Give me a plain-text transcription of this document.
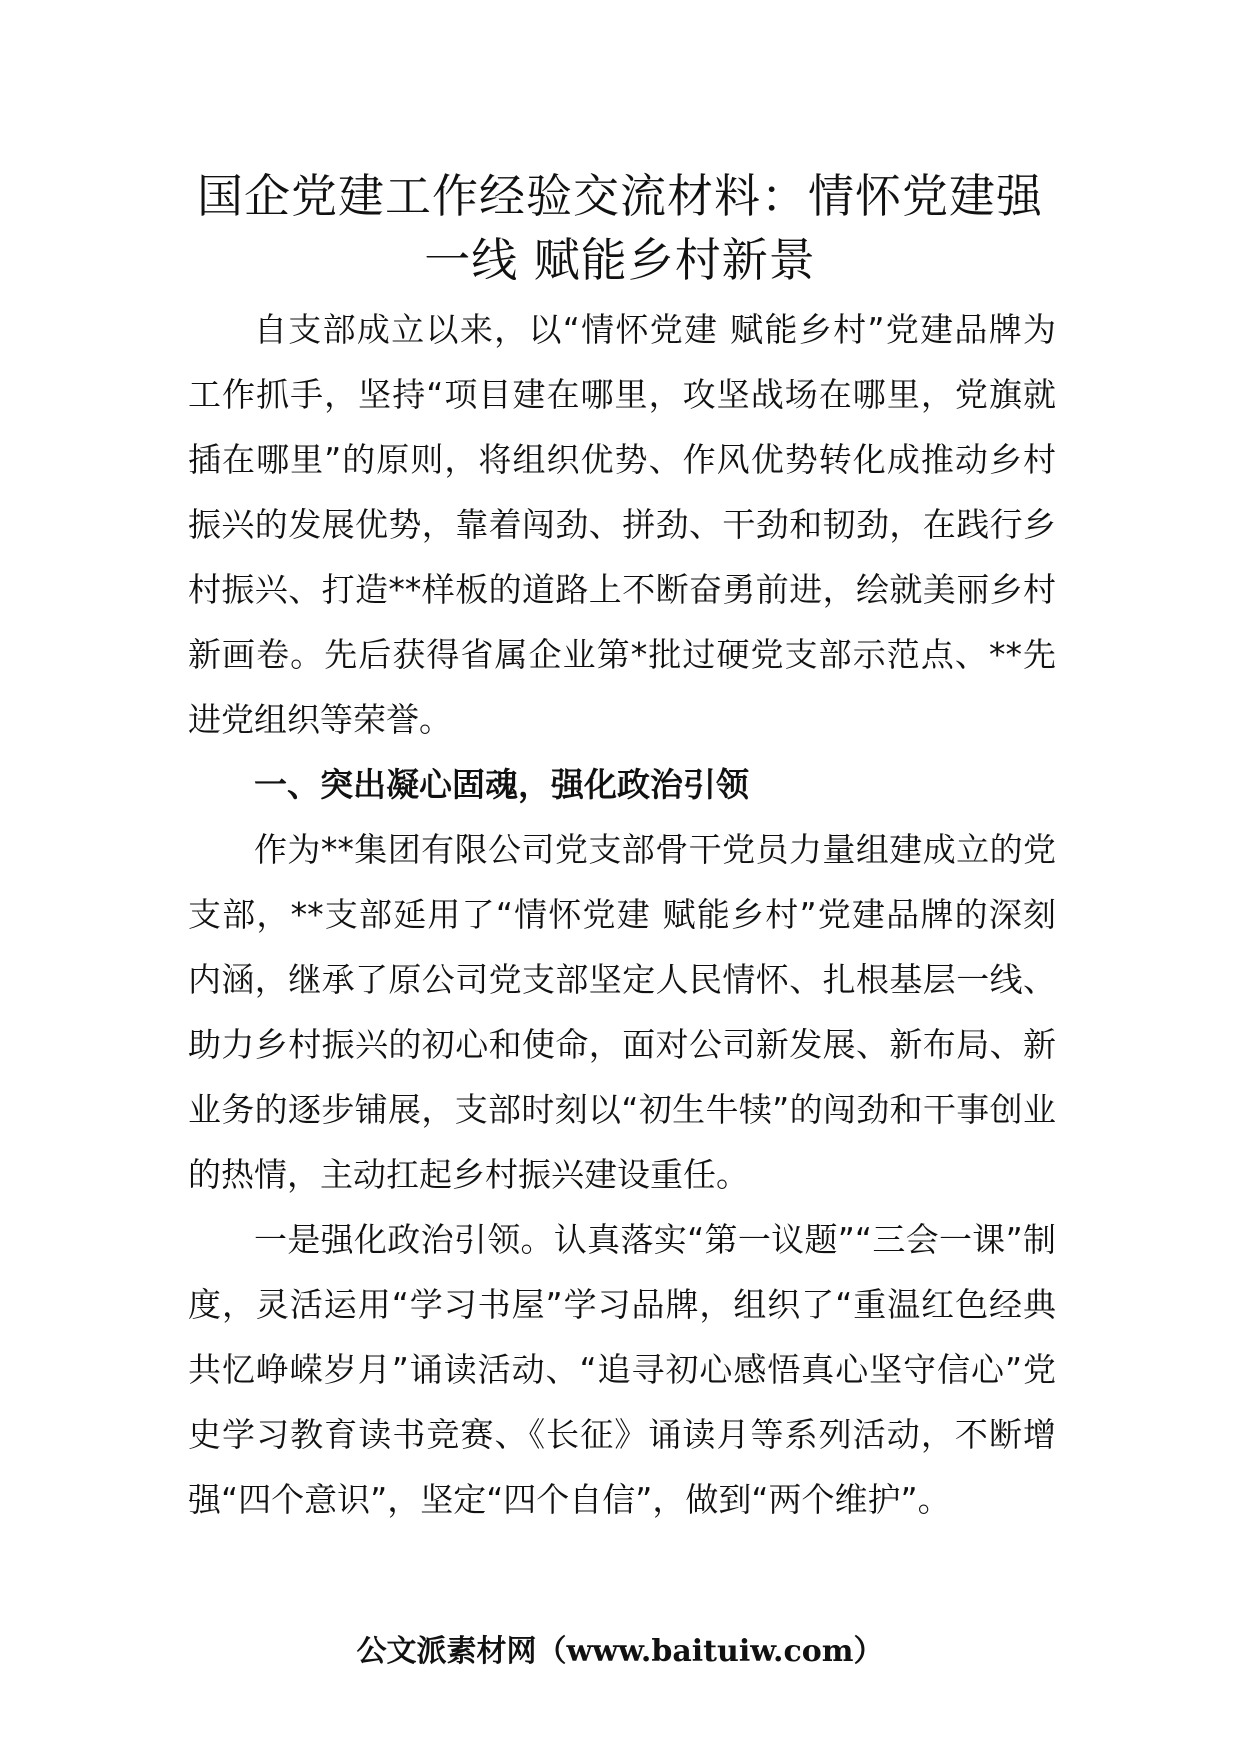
国企党建工作经验交流材料：情怀党建强
一线 赋能乡村新景

自支部成立以来，以“情怀党建 赋能乡村”党建品牌为工作抓手，坚持“项目建在哪里，攻坚战场在哪里，党旗就插在哪里”的原则，将组织优势、作风优势转化成推动乡村振兴的发展优势，靠着闯劲、拼劲、干劲和韧劲，在践行乡村振兴、打造**样板的道路上不断奋勇前进，绘就美丽乡村新画卷。先后获得省属企业第*批过硬党支部示范点、**先进党组织等荣誉。

一、突出凝心固魂，强化政治引领

作为**集团有限公司党支部骨干党员力量组建成立的党支部，**支部延用了“情怀党建 赋能乡村”党建品牌的深刻内涵，继承了原公司党支部坚定人民情怀、扎根基层一线、助力乡村振兴的初心和使命，面对公司新发展、新布局、新业务的逐步铺展，支部时刻以“初生牛犊”的闯劲和干事创业的热情，主动扛起乡村振兴建设重任。

一是强化政治引领。认真落实“第一议题”“三会一课”制度，灵活运用“学习书屋”学习品牌，组织了“重温红色经典共忆峥嵘岁月”诵读活动、“追寻初心感悟真心坚守信心”党史学习教育读书竞赛、《长征》诵读月等系列活动，不断增强“四个意识”，坚定“四个自信”，做到“两个维护”。

公文派素材网（www.baituiw.com）
